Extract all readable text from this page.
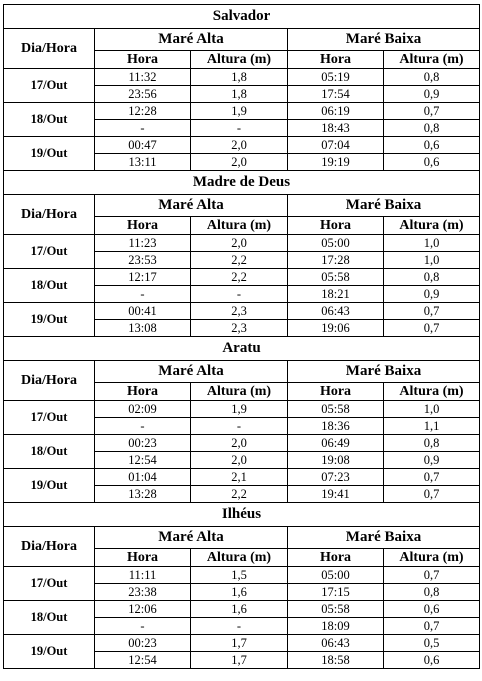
Salvador				
Dia/Hora	Maré Alta		Maré Baixa	
	Hora	Altura (m)	Hora	Altura (m)
17/Out	11:32	1,8	05:19	0,8
	23:56	1,8	17:54	0,9
18/Out	12:28	1,9	06:19	0,7
	-	-	18:43	0,8
19/Out	00:47	2,0	07:04	0,6
	13:11	2,0	19:19	0,6
Madre de Deus				
Dia/Hora	Maré Alta		Maré Baixa	
	Hora	Altura (m)	Hora	Altura (m)
17/Out	11:23	2,0	05:00	1,0
	23:53	2,2	17:28	1,0
18/Out	12:17	2,2	05:58	0,8
	-	-	18:21	0,9
19/Out	00:41	2,3	06:43	0,7
	13:08	2,3	19:06	0,7
Aratu				
Dia/Hora	Maré Alta		Maré Baixa	
	Hora	Altura (m)	Hora	Altura (m)
17/Out	02:09	1,9	05:58	1,0
	-	-	18:36	1,1
18/Out	00:23	2,0	06:49	0,8
	12:54	2,0	19:08	0,9
19/Out	01:04	2,1	07:23	0,7
	13:28	2,2	19:41	0,7
Ilhéus				
Dia/Hora	Maré Alta		Maré Baixa	
	Hora	Altura (m)	Hora	Altura (m)
17/Out	11:11	1,5	05:00	0,7
	23:38	1,6	17:15	0,8
18/Out	12:06	1,6	05:58	0,6
	-	-	18:09	0,7
19/Out	00:23	1,7	06:43	0,5
	12:54	1,7	18:58	0,6
